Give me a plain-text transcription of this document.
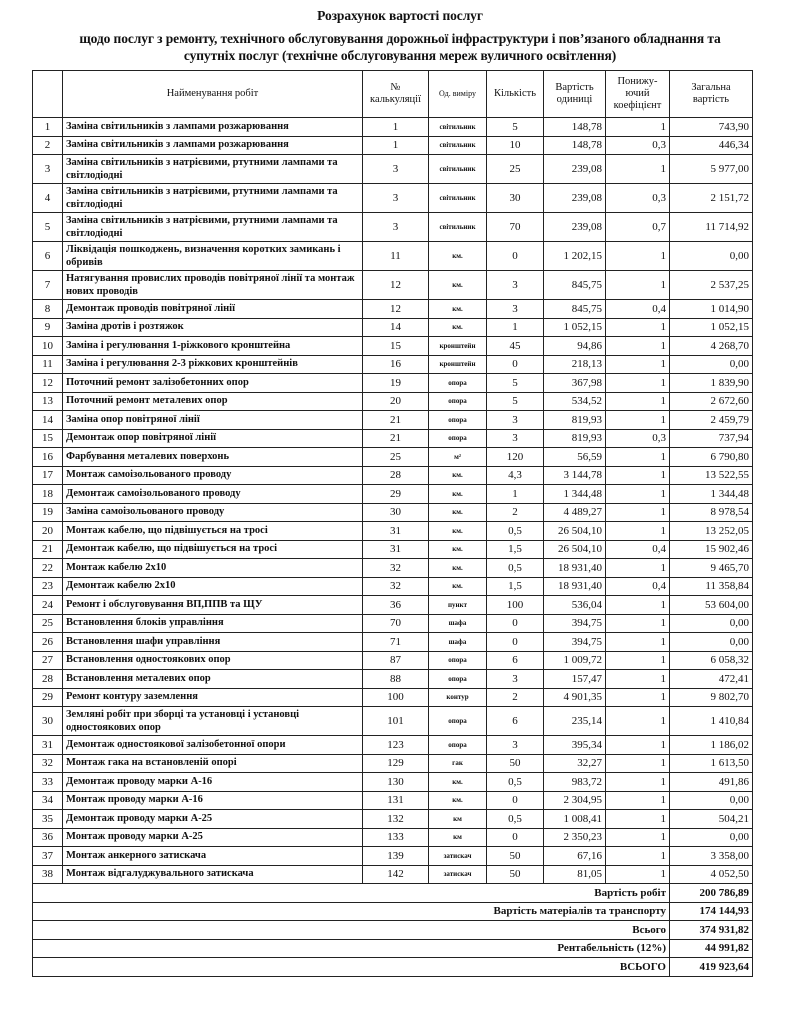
Розрахунок вартості послуг
щодо послуг з ремонту, технічного обслуговування дорожньої інфраструктури і пов’язаного обладнання та
супутніх послуг (технічне обслуговування мереж вуличного освітлення)
	Найменування робіт	№ калькуляції	Од. виміру	Кількість	Вартість одиниці	Понижу-ючий коефіцієнт	Загальна вартість
1	Заміна світильників з лампами розжарювання	1	світильник	5	148,78	1	743,90
2	Заміна світильників з лампами розжарювання	1	світильник	10	148,78	0,3	446,34
3	Заміна світильників з натрієвими, ртутними лампами та світлодіодні	3	світильник	25	239,08	1	5 977,00
4	Заміна світильників з натрієвими, ртутними лампами та світлодіодні	3	світильник	30	239,08	0,3	2 151,72
5	Заміна світильників з натрієвими, ртутними лампами та світлодіодні	3	світильник	70	239,08	0,7	11 714,92
6	Ліквідація пошкоджень, визначення коротких замикань і обривів	11	км.	0	1 202,15	1	0,00
7	Натягування провислих проводів повітряної лінії та монтаж нових проводів	12	км.	3	845,75	1	2 537,25
8	Демонтаж проводів повітряної лінії	12	км.	3	845,75	0,4	1 014,90
9	Заміна дротів і розтяжок	14	км.	1	1 052,15	1	1 052,15
10	Заміна і регулювання 1-ріжкового кронштейна	15	кронштейн	45	94,86	1	4 268,70
11	Заміна і регулювання 2-3 ріжкових кронштейнів	16	кронштейн	0	218,13	1	0,00
12	Поточний ремонт залізобетонних опор	19	опора	5	367,98	1	1 839,90
13	Поточний ремонт металевих опор	20	опора	5	534,52	1	2 672,60
14	Заміна опор повітряної лінії	21	опора	3	819,93	1	2 459,79
15	Демонтаж опор повітряної лінії	21	опора	3	819,93	0,3	737,94
16	Фарбування металевих поверхонь	25	м²	120	56,59	1	6 790,80
17	Монтаж самоізольованого проводу	28	км.	4,3	3 144,78	1	13 522,55
18	Демонтаж самоізольованого проводу	29	км.	1	1 344,48	1	1 344,48
19	Заміна самоізольованого проводу	30	км.	2	4 489,27	1	8 978,54
20	Монтаж кабелю, що підвішується на тросі	31	км.	0,5	26 504,10	1	13 252,05
21	Демонтаж кабелю, що підвішується на тросі	31	км.	1,5	26 504,10	0,4	15 902,46
22	Монтаж кабелю 2х10	32	км.	0,5	18 931,40	1	9 465,70
23	Демонтаж кабелю 2х10	32	км.	1,5	18 931,40	0,4	11 358,84
24	Ремонт і обслуговування ВП,ППВ та ЩУ	36	пункт	100	536,04	1	53 604,00
25	Встановлення блоків управління	70	шафа	0	394,75	1	0,00
26	Встановлення шафи управління	71	шафа	0	394,75	1	0,00
27	Встановлення одностоякових опор	87	опора	6	1 009,72	1	6 058,32
28	Встановлення металевих опор	88	опора	3	157,47	1	472,41
29	Ремонт контуру заземлення	100	контур	2	4 901,35	1	9 802,70
30	Земляні робіт при зборці та установці і установці одностоякових опор	101	опора	6	235,14	1	1 410,84
31	Демонтаж одностоякової залізобетонної опори	123	опора	3	395,34	1	1 186,02
32	Монтаж гака на встановленій опорі	129	гак	50	32,27	1	1 613,50
33	Демонтаж проводу марки А-16	130	км.	0,5	983,72	1	491,86
34	Монтаж проводу марки А-16	131	км.	0	2 304,95	1	0,00
35	Демонтаж проводу марки А-25	132	км	0,5	1 008,41	1	504,21
36	Монтаж проводу марки А-25	133	км	0	2 350,23	1	0,00
37	Монтаж анкерного затискача	139	затискач	50	67,16	1	3 358,00
38	Монтаж відгалуджувального затискача	142	затискач	50	81,05	1	4 052,50
Вартість робіт							200 786,89
Вартість матеріалів та транспорту							174 144,93
Всього							374 931,82
Рентабельність (12%)							44 991,82
ВСЬОГО							419 923,64
